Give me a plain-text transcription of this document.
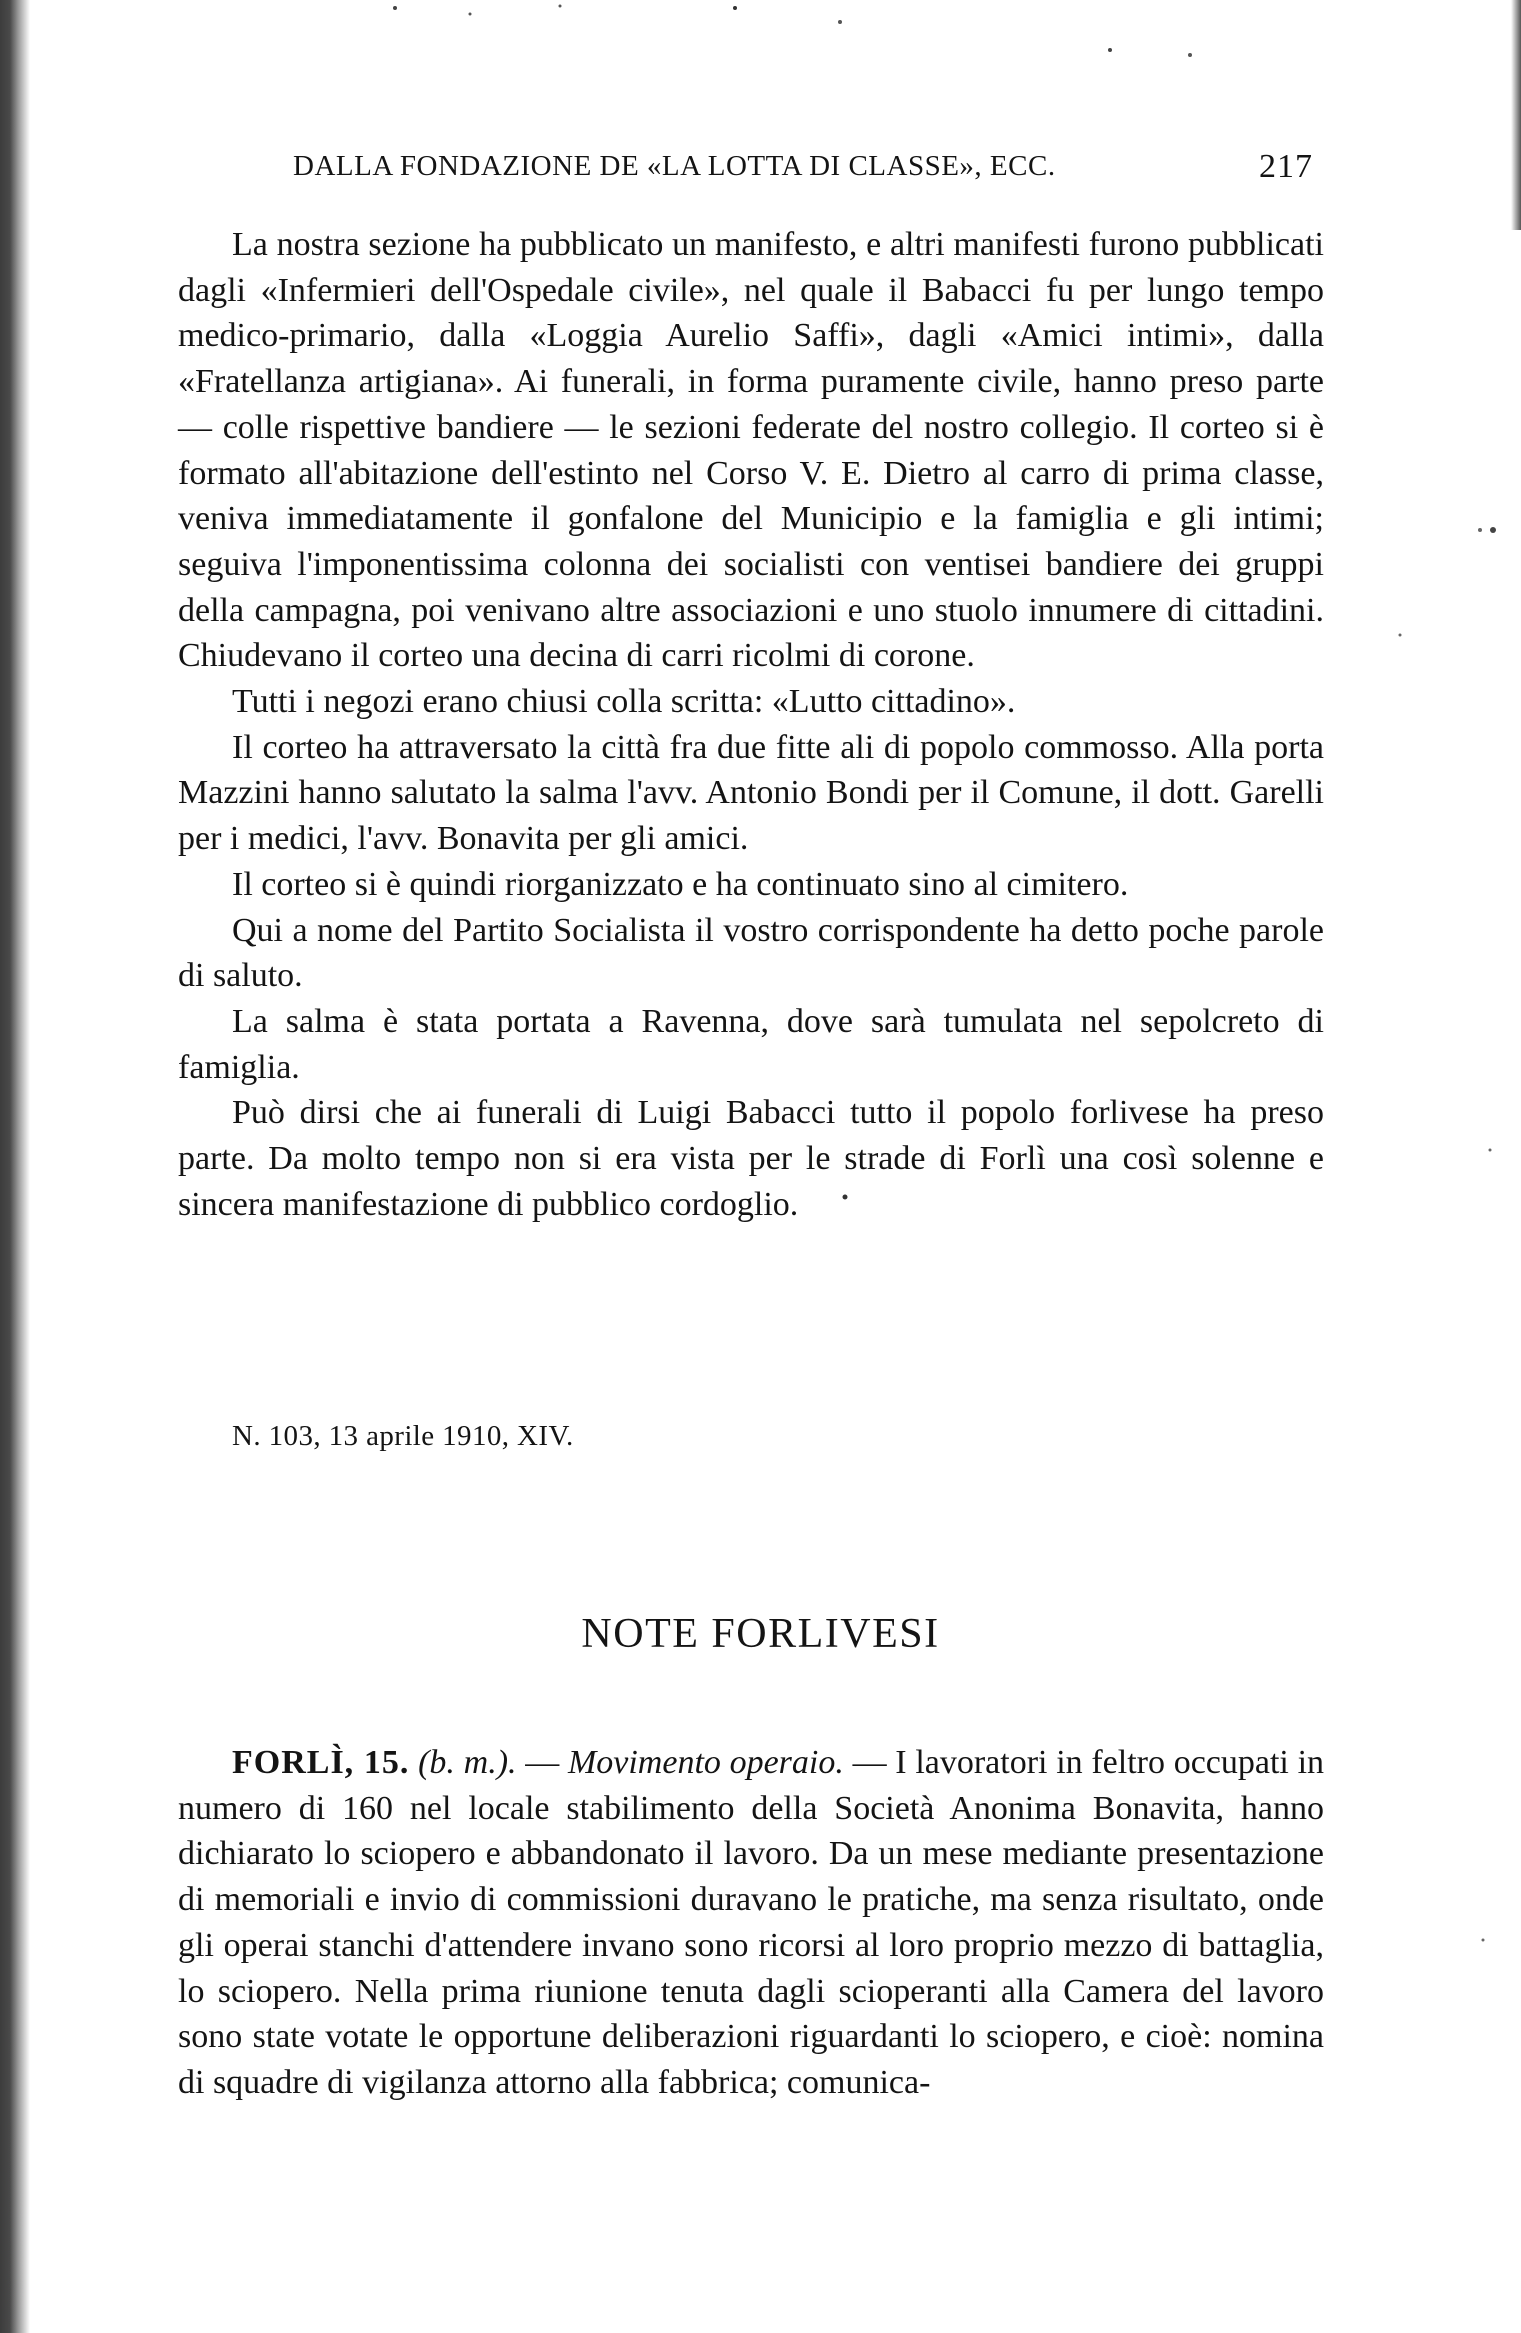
DALLA FONDAZIONE DE «LA LOTTA DI CLASSE», ECC.	217

La nostra sezione ha pubblicato un manifesto, e altri manifesti furono pubblicati dagli «Infermieri dell'Ospedale civile», nel quale il Babacci fu per lungo tempo medico-primario, dalla «Loggia Aurelio Saffi», dagli «Amici intimi», dalla «Fratellanza artigiana». Ai funerali, in forma puramente civile, hanno preso parte — colle rispettive bandiere — le sezioni federate del nostro collegio. Il corteo si è formato all'abitazione dell'estinto nel Corso V. E. Dietro al carro di prima classe, veniva immediatamente il gonfalone del Municipio e la famiglia e gli intimi; seguiva l'imponentissima colonna dei socialisti con ventisei bandiere dei gruppi della campagna, poi venivano altre associazioni e uno stuolo innumere di cittadini. Chiudevano il corteo una decina di carri ricolmi di corone.

Tutti i negozi erano chiusi colla scritta: «Lutto cittadino».

Il corteo ha attraversato la città fra due fitte ali di popolo commosso. Alla porta Mazzini hanno salutato la salma l'avv. Antonio Bondi per il Comune, il dott. Garelli per i medici, l'avv. Bonavita per gli amici.

Il corteo si è quindi riorganizzato e ha continuato sino al cimitero.

Qui a nome del Partito Socialista il vostro corrispondente ha detto poche parole di saluto.

La salma è stata portata a Ravenna, dove sarà tumulata nel sepolcreto di famiglia.

Può dirsi che ai funerali di Luigi Babacci tutto il popolo forlivese ha preso parte. Da molto tempo non si era vista per le strade di Forlì una così solenne e sincera manifestazione di pubblico cordoglio.

N. 103, 13 aprile 1910, XIV.
NOTE FORLIVESI

FORLÌ, 15. (b. m.). — Movimento operaio. — I lavoratori in feltro occupati in numero di 160 nel locale stabilimento della Società Anonima Bonavita, hanno dichiarato lo sciopero e abbandonato il lavoro. Da un mese mediante presentazione di memoriali e invio di commissioni duravano le pratiche, ma senza risultato, onde gli operai stanchi d'attendere invano sono ricorsi al loro proprio mezzo di battaglia, lo sciopero. Nella prima riunione tenuta dagli scioperanti alla Camera del lavoro sono state votate le opportune deliberazioni riguardanti lo sciopero, e cioè: nomina di squadre di vigilanza attorno alla fabbrica; comunica-
